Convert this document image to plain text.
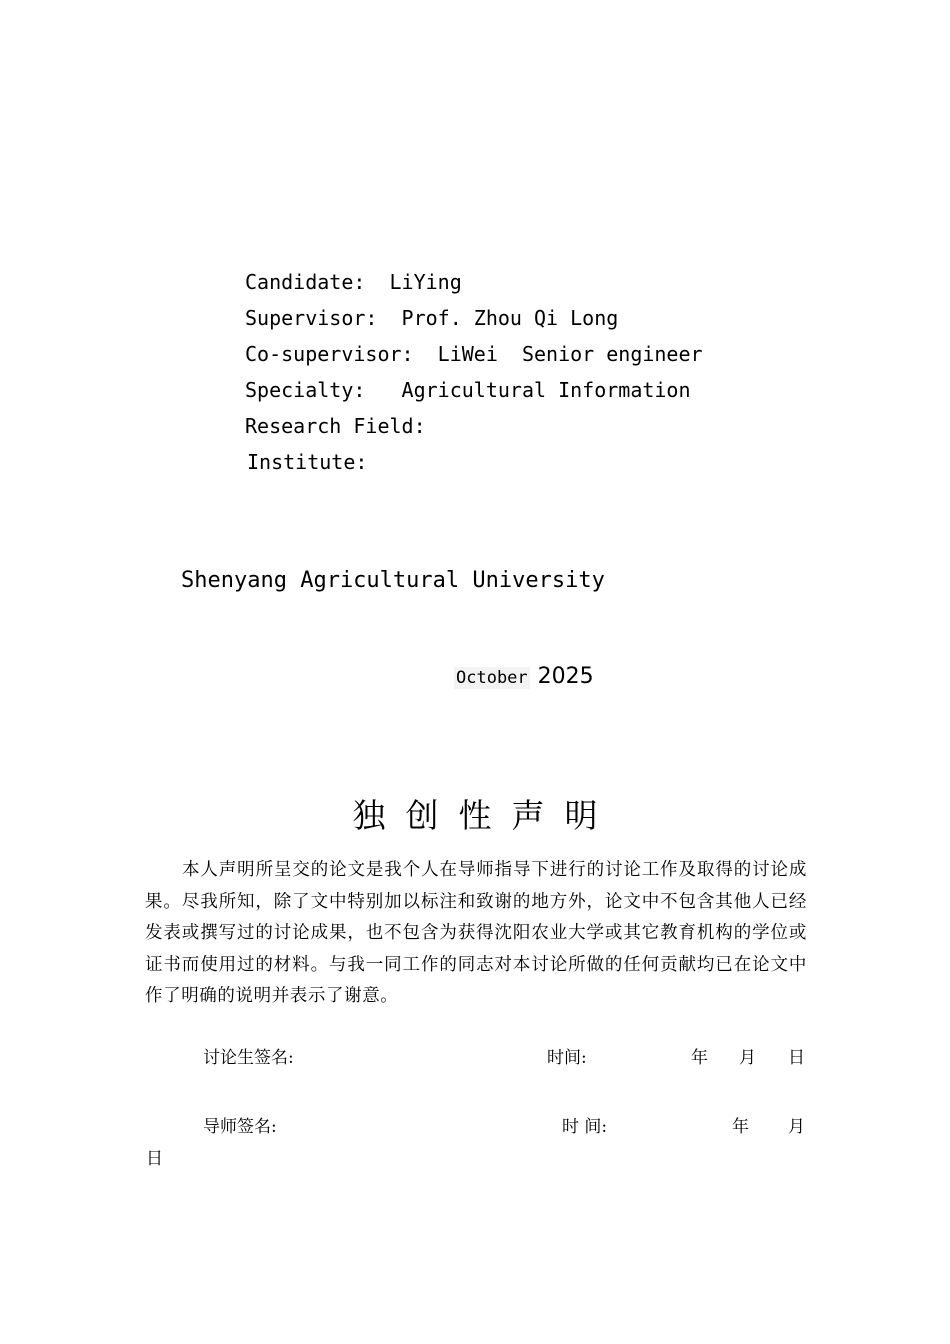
Candidate:  LiYing
Supervisor:  Prof. Zhou Qi Long
Co-supervisor:  LiWei  Senior engineer
Specialty:   Agricultural Information
Research Field:
Institute:
Shenyang Agricultural University

October 2025

独创性声明
本人声明所呈交的论文是我个人在导师指导下进行的讨论工作及取得的讨论成果。尽我所知，除了文中特别加以标注和致谢的地方外，论文中不包含其他人已经发表或撰写过的讨论成果，也不包含为获得沈阳农业大学或其它教育机构的学位或证书而使用过的材料。与我一同工作的同志对本讨论所做的任何贡献均已在论文中作了明确的说明并表示了谢意。
讨论生签名:	时间:	年 月 日
导师签名:	时 间:	年 月
日
